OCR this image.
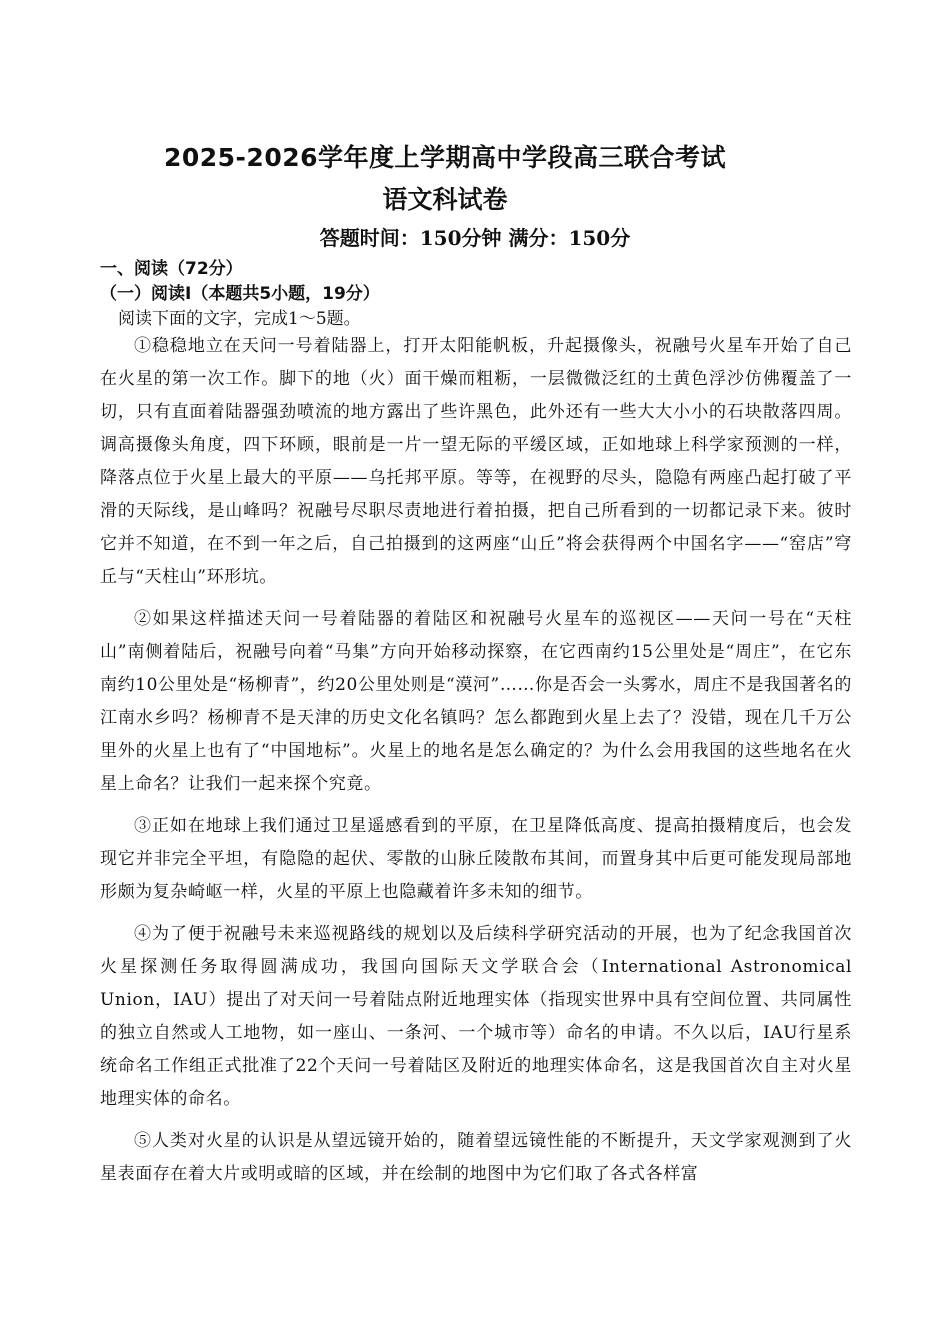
2025-2026学年度上学期高中学段高三联合考试
语文科试卷
答题时间：150分钟 满分：150分
一、阅读（72分）
（一）阅读I（本题共5小题，19分）
阅读下面的文字，完成1～5题。

①稳稳地立在天问一号着陆器上，打开太阳能帆板，升起摄像头，祝融号火星车开始了自己在火星的第一次工作。脚下的地（火）面干燥而粗粝，一层微微泛红的土黄色浮沙仿佛覆盖了一切，只有直面着陆器强劲喷流的地方露出了些许黑色，此外还有一些大大小小的石块散落四周。调高摄像头角度，四下环顾，眼前是一片一望无际的平缓区域，正如地球上科学家预测的一样，降落点位于火星上最大的平原——乌托邦平原。等等，在视野的尽头，隐隐有两座凸起打破了平滑的天际线，是山峰吗？祝融号尽职尽责地进行着拍摄，把自己所看到的一切都记录下来。彼时它并不知道，在不到一年之后，自己拍摄到的这两座“山丘”将会获得两个中国名字——“窑店”穹丘与“天柱山”环形坑。

②如果这样描述天问一号着陆器的着陆区和祝融号火星车的巡视区——天问一号在“天柱山”南侧着陆后，祝融号向着“马集”方向开始移动探察，在它西南约15公里处是“周庄”，在它东南约10公里处是“杨柳青”，约20公里处则是“漠河”……你是否会一头雾水，周庄不是我国著名的江南水乡吗？杨柳青不是天津的历史文化名镇吗？怎么都跑到火星上去了？没错，现在几千万公里外的火星上也有了“中国地标”。火星上的地名是怎么确定的？为什么会用我国的这些地名在火星上命名？让我们一起来探个究竟。

③正如在地球上我们通过卫星遥感看到的平原，在卫星降低高度、提高拍摄精度后，也会发现它并非完全平坦，有隐隐的起伏、零散的山脉丘陵散布其间，而置身其中后更可能发现局部地形颇为复杂崎岖一样，火星的平原上也隐藏着许多未知的细节。

④为了便于祝融号未来巡视路线的规划以及后续科学研究活动的开展，也为了纪念我国首次火星探测任务取得圆满成功，我国向国际天文学联合会（International Astronomical Union，IAU）提出了对天问一号着陆点附近地理实体（指现实世界中具有空间位置、共同属性的独立自然或人工地物，如一座山、一条河、一个城市等）命名的申请。不久以后，IAU行星系统命名工作组正式批准了22个天问一号着陆区及附近的地理实体命名，这是我国首次自主对火星地理实体的命名。

⑤人类对火星的认识是从望远镜开始的，随着望远镜性能的不断提升，天文学家观测到了火星表面存在着大片或明或暗的区域，并在绘制的地图中为它们取了各式各样富
